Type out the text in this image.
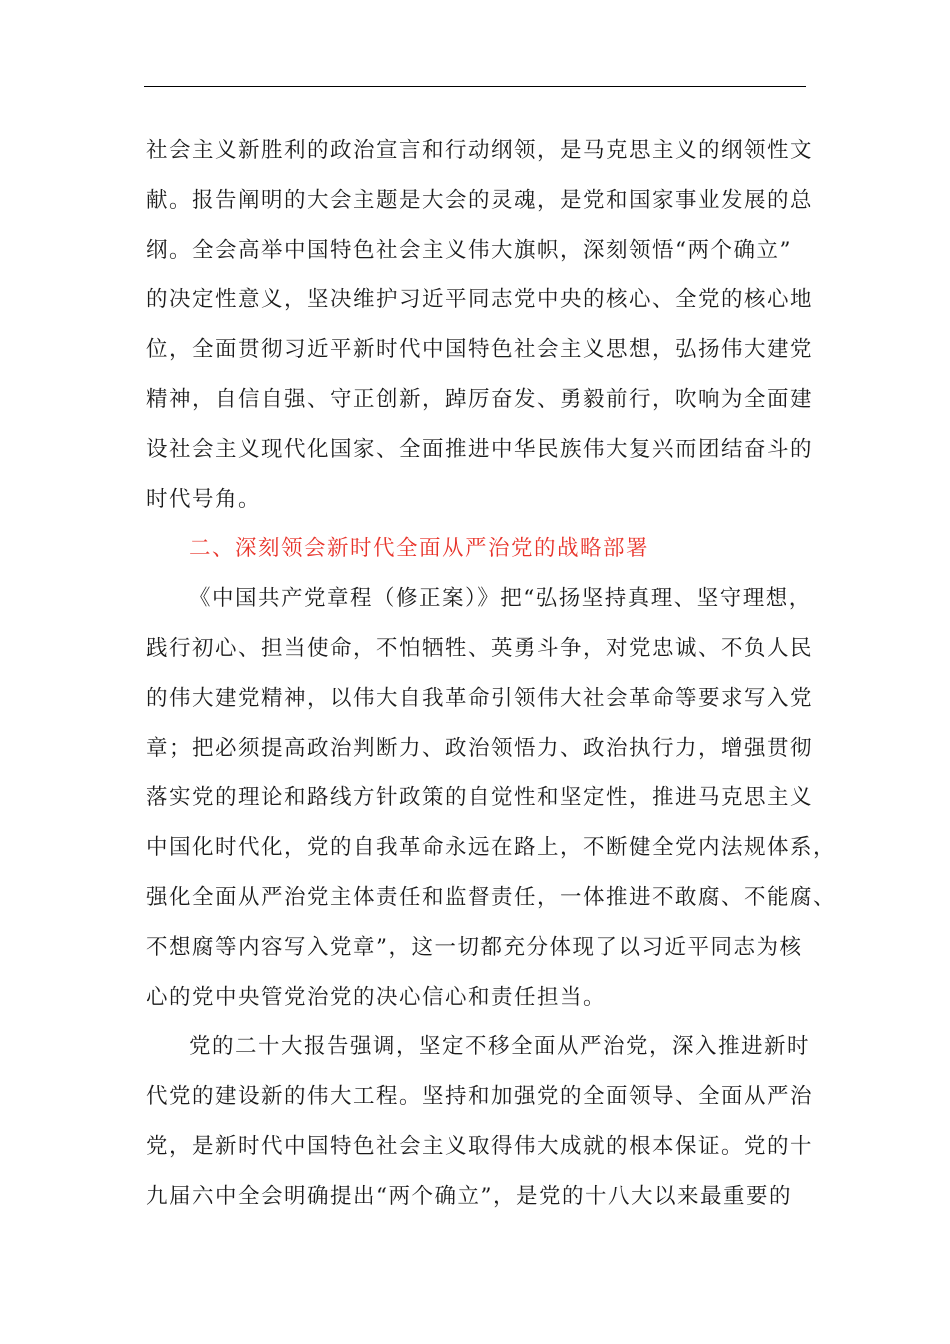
社会主义新胜利的政治宣言和行动纲领，是马克思主义的纲领性文
献。报告阐明的大会主题是大会的灵魂，是党和国家事业发展的总
纲。全会高举中国特色社会主义伟大旗帜，深刻领悟“两个确立”
的决定性意义，坚决维护习近平同志党中央的核心、全党的核心地
位，全面贯彻习近平新时代中国特色社会主义思想，弘扬伟大建党
精神，自信自强、守正创新，踔厉奋发、勇毅前行，吹响为全面建
设社会主义现代化国家、全面推进中华民族伟大复兴而团结奋斗的
时代号角。

二、深刻领会新时代全面从严治党的战略部署

《中国共产党章程（修正案）》把“弘扬坚持真理、坚守理想，
践行初心、担当使命，不怕牺牲、英勇斗争，对党忠诚、不负人民
的伟大建党精神，以伟大自我革命引领伟大社会革命等要求写入党
章；把必须提高政治判断力、政治领悟力、政治执行力，增强贯彻
落实党的理论和路线方针政策的自觉性和坚定性，推进马克思主义
中国化时代化，党的自我革命永远在路上，不断健全党内法规体系，
强化全面从严治党主体责任和监督责任，一体推进不敢腐、不能腐、
不想腐等内容写入党章”，这一切都充分体现了以习近平同志为核
心的党中央管党治党的决心信心和责任担当。

党的二十大报告强调，坚定不移全面从严治党，深入推进新时
代党的建设新的伟大工程。坚持和加强党的全面领导、全面从严治
党，是新时代中国特色社会主义取得伟大成就的根本保证。党的十
九届六中全会明确提出“两个确立”，是党的十八大以来最重要的
